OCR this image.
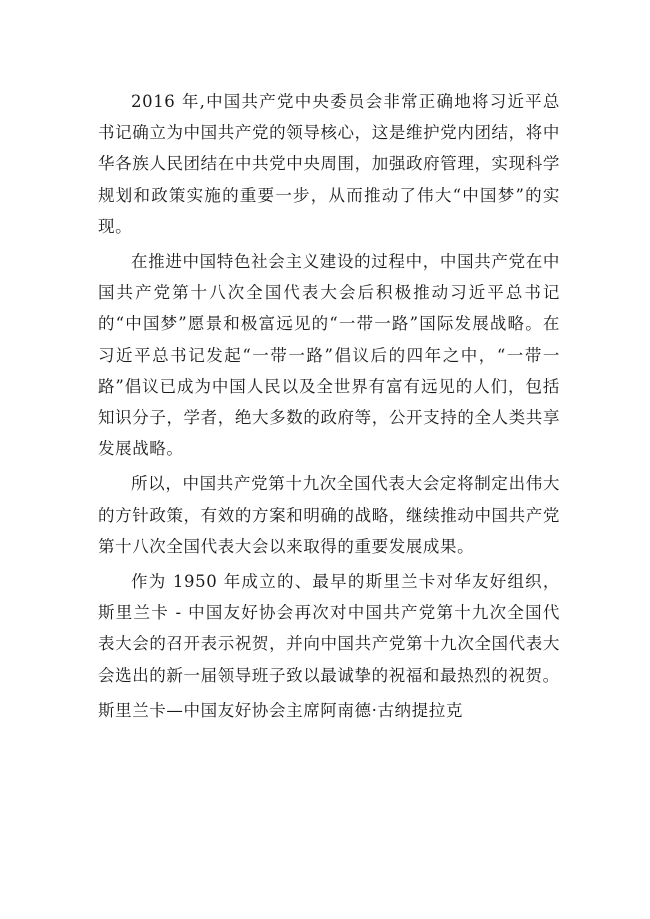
2016 年,中国共产党中央委员会非常正确地将习近平总书记确立为中国共产党的领导核心，这是维护党内团结，将中华各族人民团结在中共党中央周围，加强政府管理，实现科学规划和政策实施的重要一步，从而推动了伟大“中国梦”的实现。

在推进中国特色社会主义建设的过程中，中国共产党在中国共产党第十八次全国代表大会后积极推动习近平总书记的“中国梦”愿景和极富远见的“一带一路”国际发展战略。在习近平总书记发起“一带一路”倡议后的四年之中，“一带一路”倡议已成为中国人民以及全世界有富有远见的人们，包括知识分子，学者，绝大多数的政府等，公开支持的全人类共享发展战略。

所以，中国共产党第十九次全国代表大会定将制定出伟大的方针政策，有效的方案和明确的战略，继续推动中国共产党第十八次全国代表大会以来取得的重要发展成果。

作为 1950 年成立的、最早的斯里兰卡对华友好组织，斯里兰卡 - 中国友好协会再次对中国共产党第十九次全国代表大会的召开表示祝贺，并向中国共产党第十九次全国代表大会选出的新一届领导班子致以最诚挚的祝福和最热烈的祝贺。

斯里兰卡—中国友好协会主席阿南德·古纳提拉克
